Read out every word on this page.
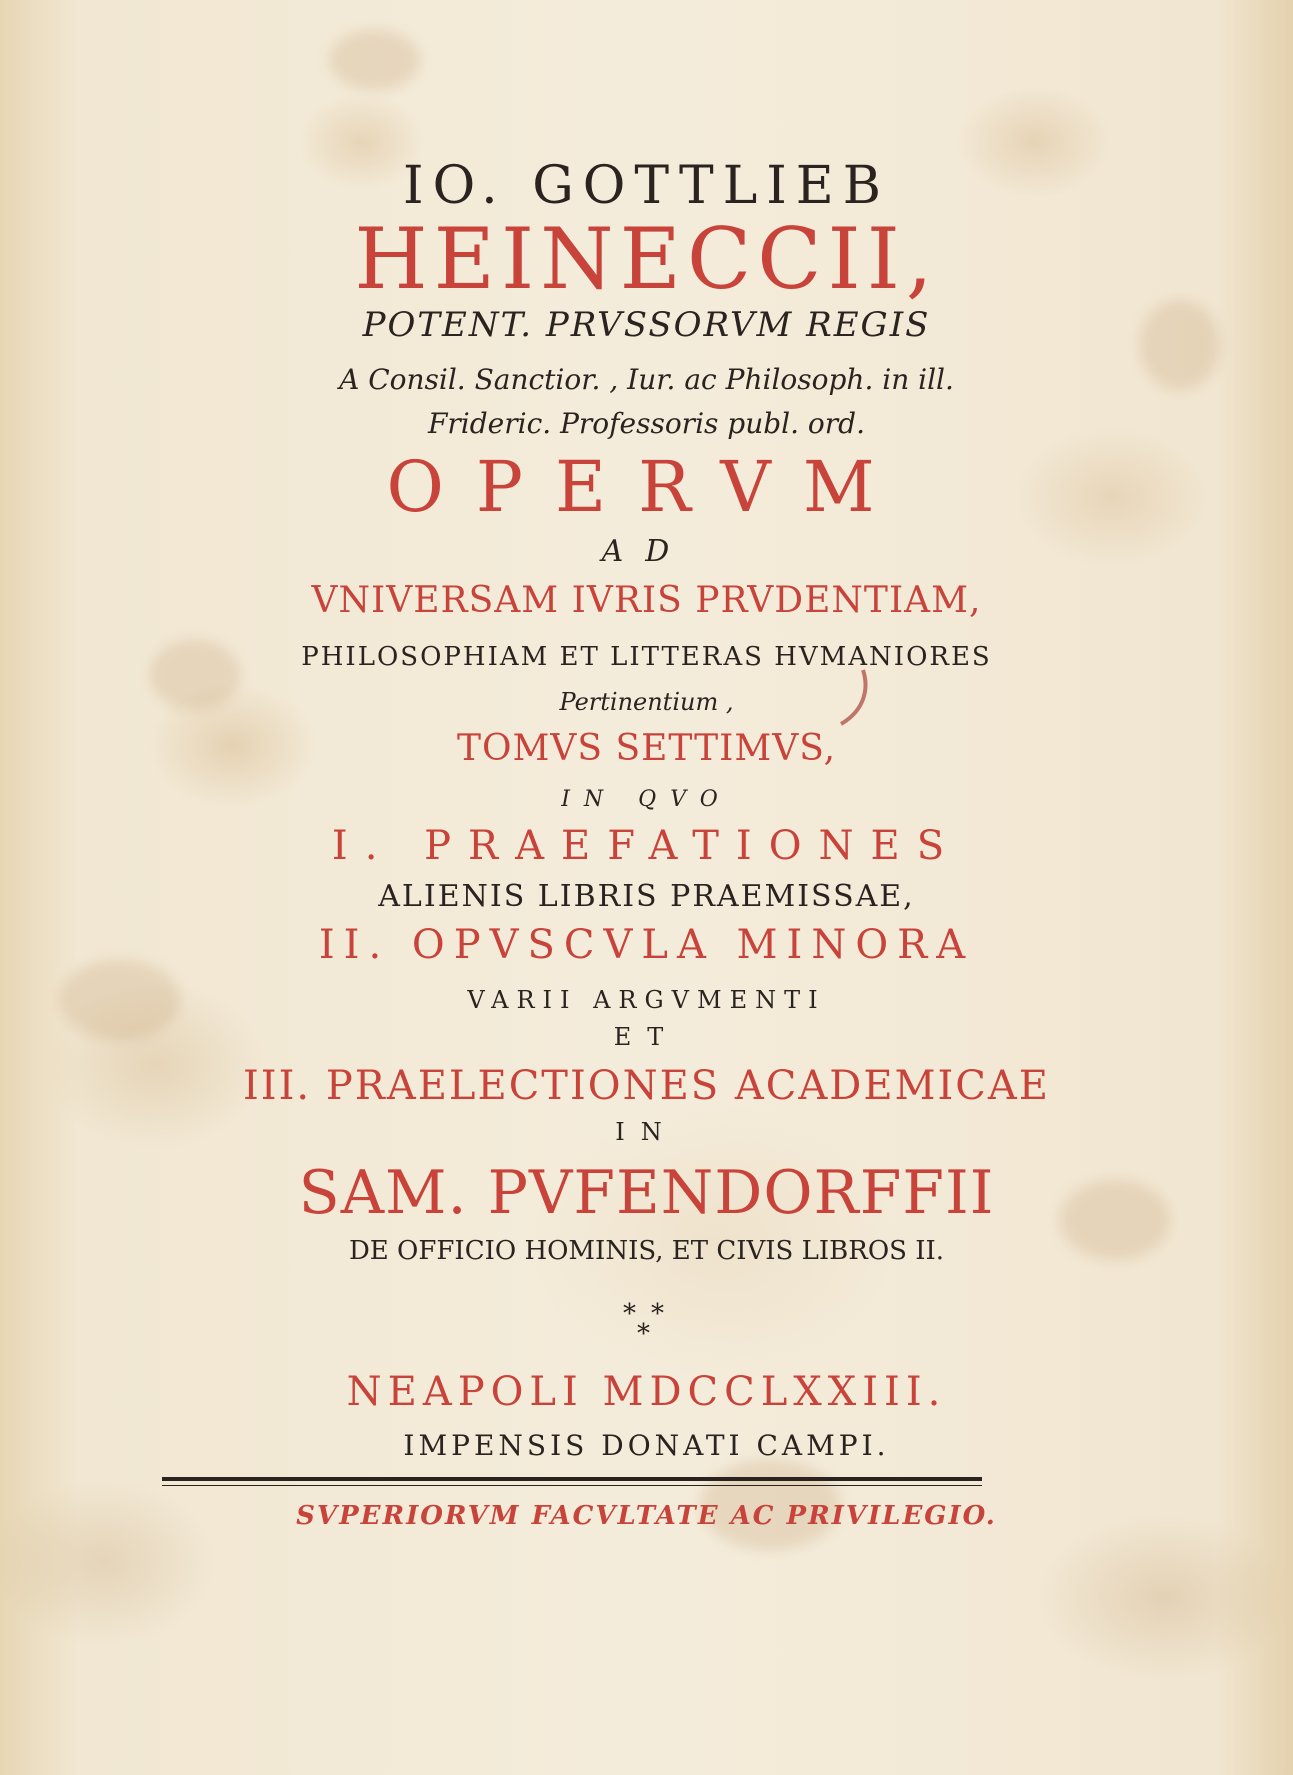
IO. GOTTLIEB

HEINECCII,

POTENT. PRVSSORVM REGIS

A Consil. Sanctior. , Iur. ac Philosoph. in ill.

Frideric. Professoris publ. ord.

OPERVM

AD

VNIVERSAM IVRIS PRVDENTIAM,

PHILOSOPHIAM ET LITTERAS HVMANIORES

Pertinentium ,

TOMVS SETTIMVS,

IN QVO

I. PRAEFATIONES

ALIENIS LIBRIS PRAEMISSAE,

II. OPVSCVLA MINORA

VARII ARGVMENTI

ET

III. PRAELECTIONES ACADEMICAE

IN

SAM. PVFENDORFFII

DE OFFICIO HOMINIS, ET CIVIS LIBROS II.

* *
*

NEAPOLI MDCCLXXIII.

IMPENSIS DONATI CAMPI.

SVPERIORVM FACVLTATE AC PRIVILEGIO.
